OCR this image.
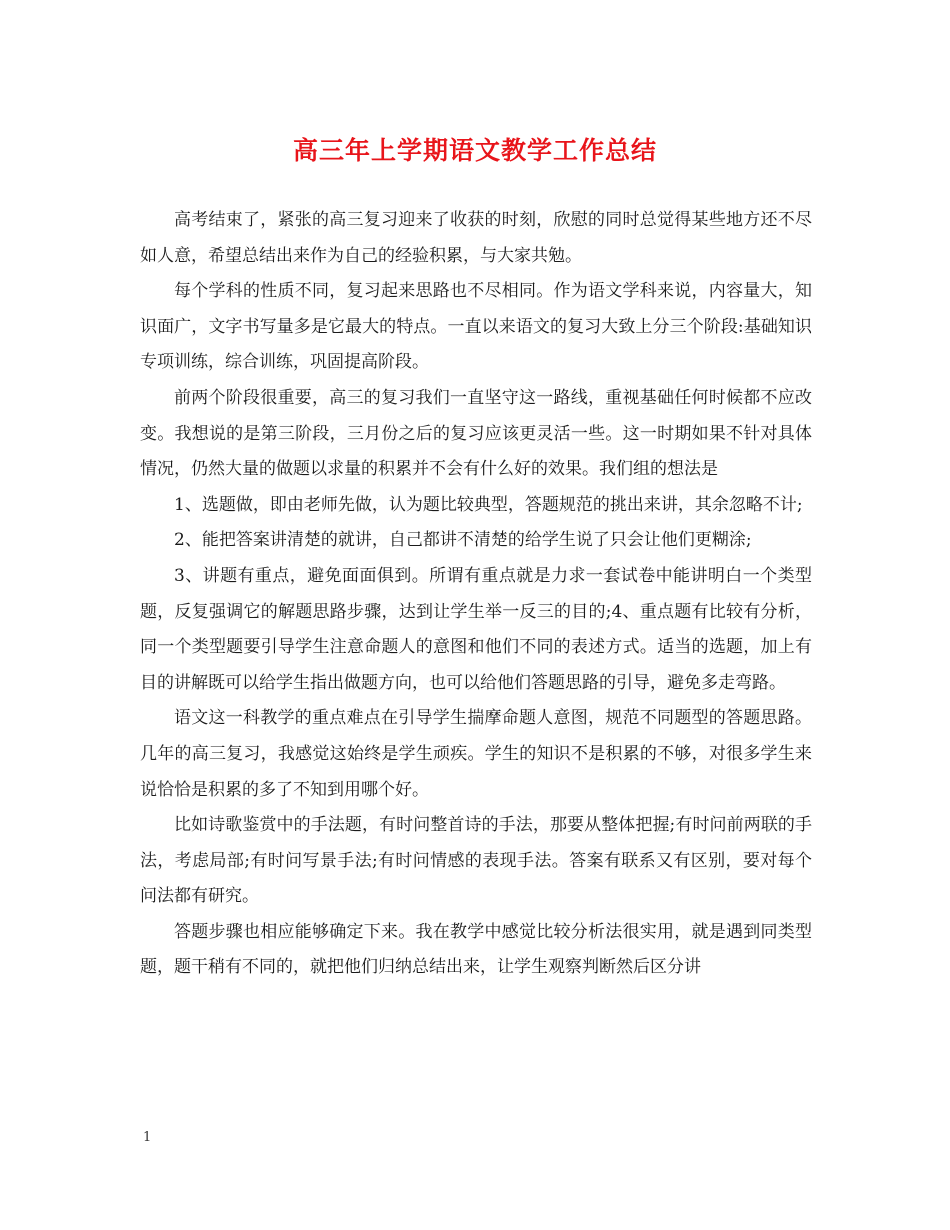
高三年上学期语文教学工作总结

高考结束了，紧张的高三复习迎来了收获的时刻，欣慰的同时总觉得某些地方还不尽如人意，希望总结出来作为自己的经验积累，与大家共勉。

每个学科的性质不同，复习起来思路也不尽相同。作为语文学科来说，内容量大，知识面广，文字书写量多是它最大的特点。一直以来语文的复习大致上分三个阶段:基础知识专项训练，综合训练，巩固提高阶段。

前两个阶段很重要，高三的复习我们一直坚守这一路线，重视基础任何时候都不应改变。我想说的是第三阶段，三月份之后的复习应该更灵活一些。这一时期如果不针对具体情况，仍然大量的做题以求量的积累并不会有什么好的效果。我们组的想法是

1、选题做，即由老师先做，认为题比较典型，答题规范的挑出来讲，其余忽略不计;

2、能把答案讲清楚的就讲，自己都讲不清楚的给学生说了只会让他们更糊涂;

3、讲题有重点，避免面面俱到。所谓有重点就是力求一套试卷中能讲明白一个类型题，反复强调它的解题思路步骤，达到让学生举一反三的目的;4、重点题有比较有分析，同一个类型题要引导学生注意命题人的意图和他们不同的表述方式。适当的选题，加上有目的讲解既可以给学生指出做题方向，也可以给他们答题思路的引导，避免多走弯路。

语文这一科教学的重点难点在引导学生揣摩命题人意图，规范不同题型的答题思路。几年的高三复习，我感觉这始终是学生顽疾。学生的知识不是积累的不够，对很多学生来说恰恰是积累的多了不知到用哪个好。

比如诗歌鉴赏中的手法题，有时问整首诗的手法，那要从整体把握;有时问前两联的手法，考虑局部;有时问写景手法;有时问情感的表现手法。答案有联系又有区别，要对每个问法都有研究。

答题步骤也相应能够确定下来。我在教学中感觉比较分析法很实用，就是遇到同类型题，题干稍有不同的，就把他们归纳总结出来，让学生观察判断然后区分讲

1
